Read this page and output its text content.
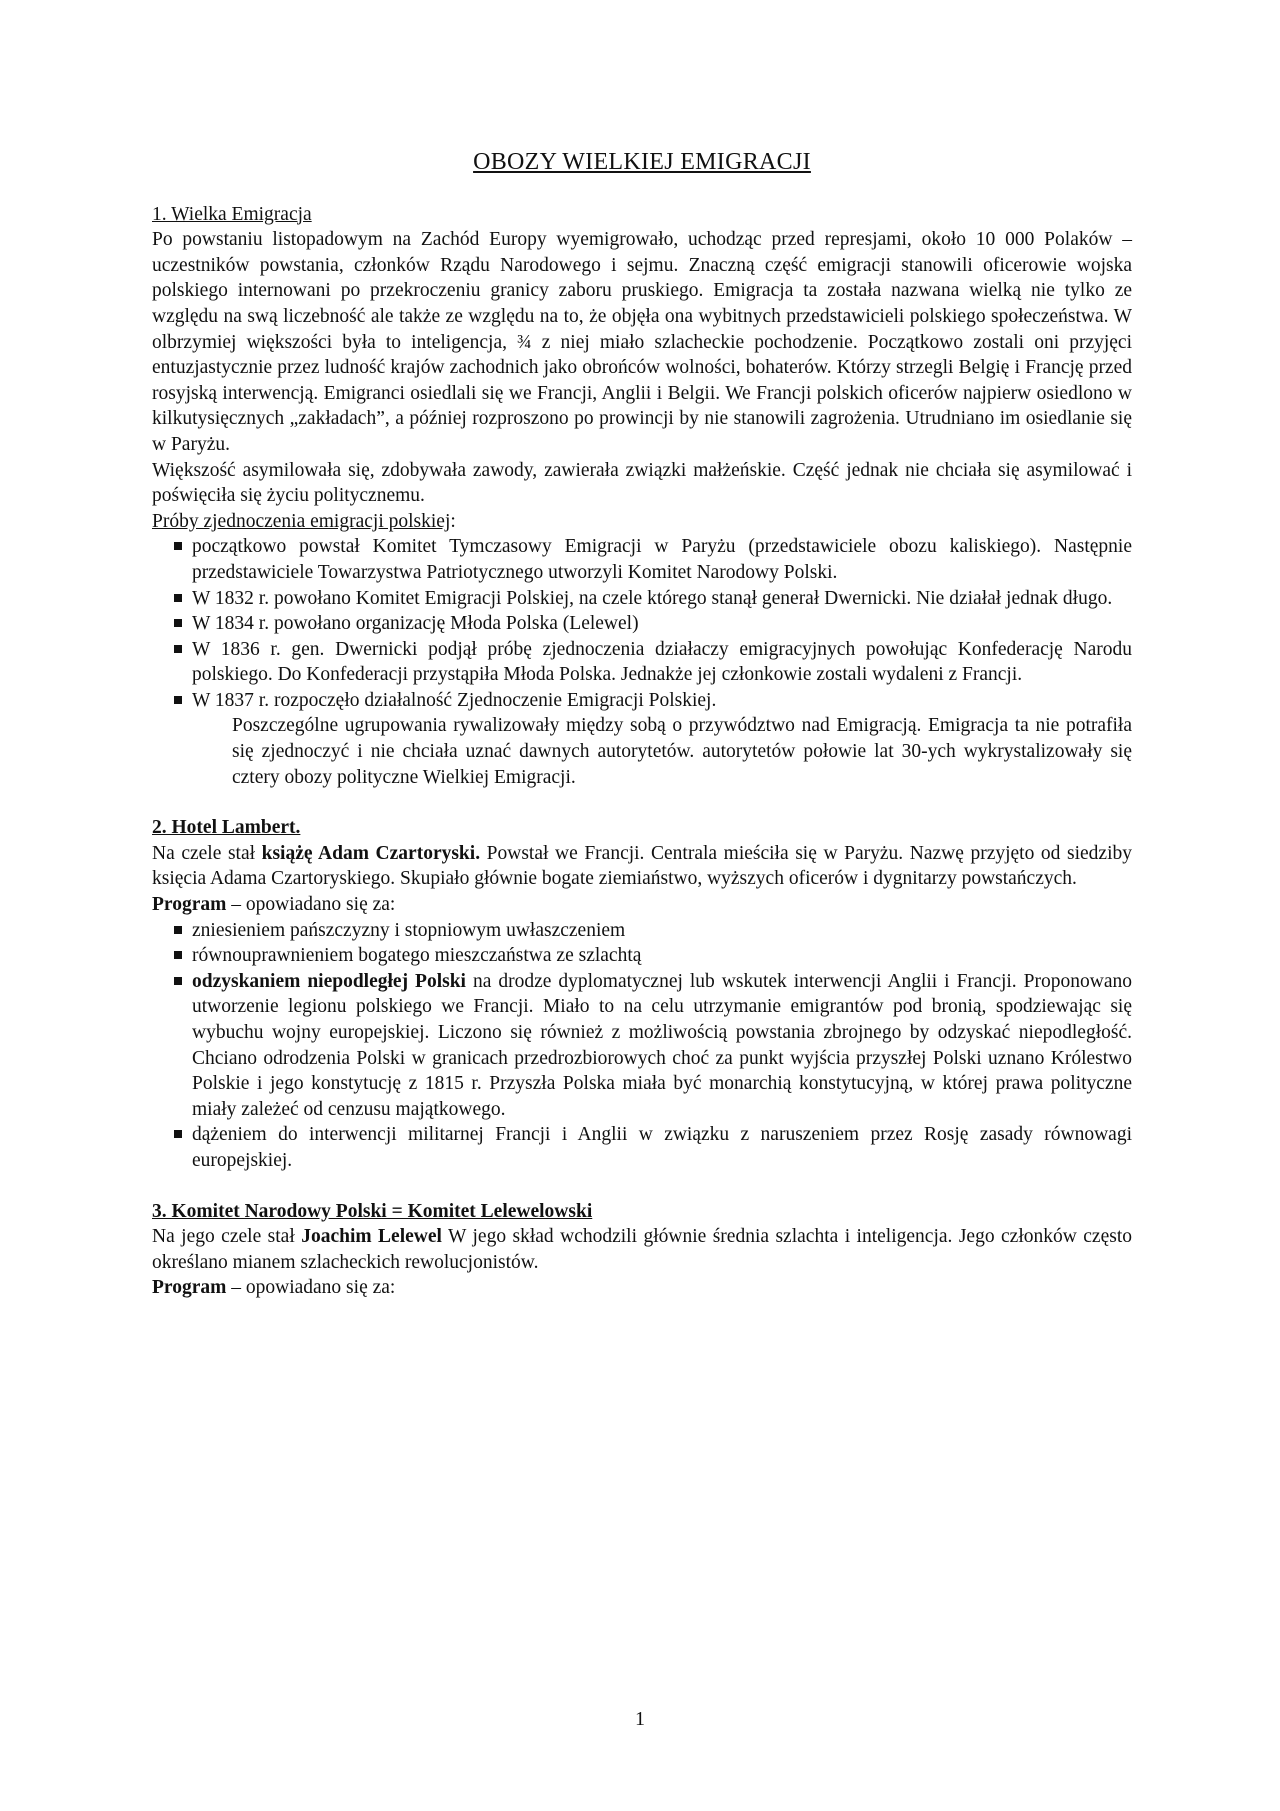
OBOZY WIELKIEJ EMIGRACJI

1. Wielka Emigracja

Po powstaniu listopadowym na Zachód Europy wyemigrowało, uchodząc przed represjami, około 10 000 Polaków – uczestników powstania, członków Rządu Narodowego i sejmu. Znaczną część emigracji stanowili oficerowie wojska polskiego internowani po przekroczeniu granicy zaboru pruskiego. Emigracja ta została nazwana wielką nie tylko ze względu na swą liczebność ale także ze względu na to, że objęła ona wybitnych przedstawicieli polskiego społeczeństwa. W olbrzymiej większości była to inteligencja, ¾ z niej miało szlacheckie pochodzenie. Początkowo zostali oni przyjęci entuzjastycznie przez ludność krajów zachodnich jako obrońców wolności, bohaterów. Którzy strzegli Belgię i Francję przed rosyjską interwencją. Emigranci osiedlali się we Francji, Anglii i Belgii. We Francji polskich oficerów najpierw osiedlono w kilkutysięcznych „zakładach”, a później rozproszono po prowincji by nie stanowili zagrożenia. Utrudniano im osiedlanie się w Paryżu.

Większość asymilowała się, zdobywała zawody, zawierała związki małżeńskie. Część jednak nie chciała się asymilować i poświęciła się życiu politycznemu.

Próby zjednoczenia emigracji polskiej:

początkowo powstał Komitet Tymczasowy Emigracji w Paryżu (przedstawiciele obozu kaliskiego). Następnie przedstawiciele Towarzystwa Patriotycznego utworzyli Komitet Narodowy Polski.
W 1832 r. powołano Komitet Emigracji Polskiej, na czele którego stanął generał Dwernicki. Nie działał jednak długo.
W 1834 r. powołano organizację Młoda Polska (Lelewel)
W 1836 r. gen. Dwernicki podjął próbę zjednoczenia działaczy emigracyjnych powołując Konfederację Narodu polskiego. Do Konfederacji przystąpiła Młoda Polska. Jednakże jej członkowie zostali wydaleni z Francji.
W 1837 r. rozpoczęło działalność Zjednoczenie Emigracji Polskiej.

Poszczególne ugrupowania rywalizowały między sobą o przywództwo nad Emigracją. Emigracja ta nie potrafiła się zjednoczyć i nie chciała uznać dawnych autorytetów. autorytetów połowie lat 30-ych wykrystalizowały się cztery obozy polityczne Wielkiej Emigracji.

2. Hotel Lambert.

Na czele stał książę Adam Czartoryski. Powstał we Francji. Centrala mieściła się w Paryżu. Nazwę przyjęto od siedziby księcia Adama Czartoryskiego. Skupiało głównie bogate ziemiaństwo, wyższych oficerów i dygnitarzy powstańczych.

Program – opowiadano się za:

zniesieniem pańszczyzny i stopniowym uwłaszczeniem
równouprawnieniem bogatego mieszczaństwa ze szlachtą
odzyskaniem niepodległej Polski na drodze dyplomatycznej lub wskutek interwencji Anglii i Francji. Proponowano utworzenie legionu polskiego we Francji. Miało to na celu utrzymanie emigrantów pod bronią, spodziewając się wybuchu wojny europejskiej. Liczono się również z możliwością powstania zbrojnego by odzyskać niepodległość. Chciano odrodzenia Polski w granicach przedrozbiorowych choć za punkt wyjścia przyszłej Polski uznano Królestwo Polskie i jego konstytucję z 1815 r. Przyszła Polska miała być monarchią konstytucyjną, w której prawa polityczne miały zależeć od cenzusu majątkowego.
dążeniem do interwencji militarnej Francji i Anglii w związku z naruszeniem przez Rosję zasady równowagi europejskiej.

3. Komitet Narodowy Polski = Komitet Lelewelowski

Na jego czele stał Joachim Lelewel W jego skład wchodzili głównie średnia szlachta i inteligencja. Jego członków często określano mianem szlacheckich rewolucjonistów.

Program – opowiadano się za:

1
